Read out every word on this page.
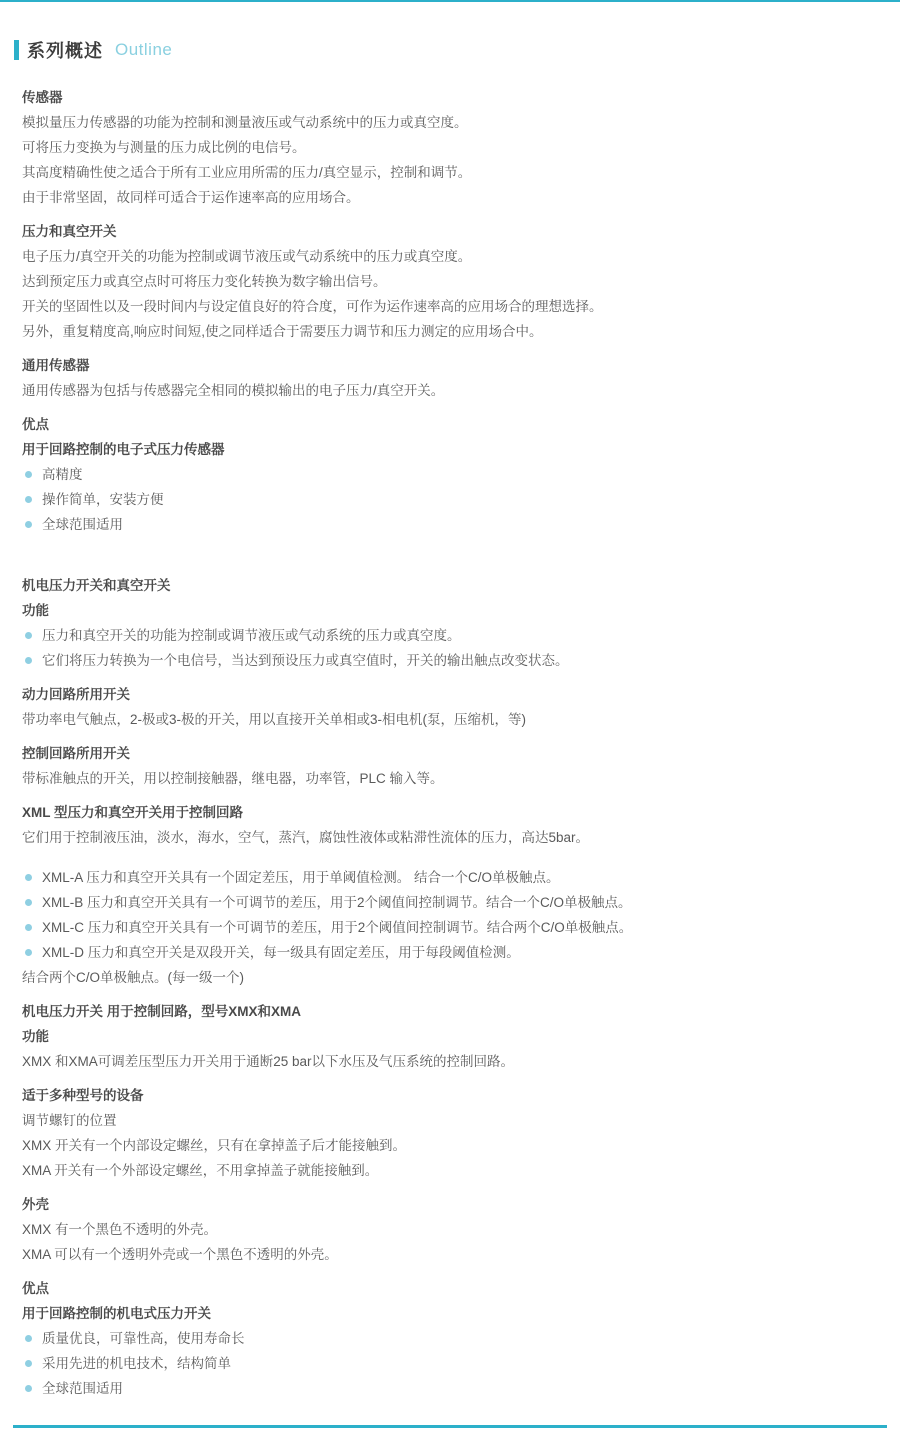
系列概述 Outline
传感器
模拟量压力传感器的功能为控制和测量液压或气动系统中的压力或真空度。
可将压力变换为与测量的压力成比例的电信号。
其高度精确性使之适合于所有工业应用所需的压力/真空显示，控制和调节。
由于非常坚固，故同样可适合于运作速率高的应用场合。
压力和真空开关
电子压力/真空开关的功能为控制或调节液压或气动系统中的压力或真空度。
达到预定压力或真空点时可将压力变化转换为数字输出信号。
开关的坚固性以及一段时间内与设定值良好的符合度，可作为运作速率高的应用场合的理想选择。
另外，重复精度高,响应时间短,使之同样适合于需要压力调节和压力测定的应用场合中。
通用传感器
通用传感器为包括与传感器完全相同的模拟输出的电子压力/真空开关。
优点
用于回路控制的电子式压力传感器
高精度
操作简单，安装方便
全球范围适用
机电压力开关和真空开关
功能
压力和真空开关的功能为控制或调节液压或气动系统的压力或真空度。
它们将压力转换为一个电信号，当达到预设压力或真空值时，开关的输出触点改变状态。
动力回路所用开关
带功率电气触点，2-极或3-极的开关，用以直接开关单相或3-相电机(泵，压缩机，等)
控制回路所用开关
带标准触点的开关，用以控制接触器，继电器，功率管，PLC 输入等。
XML 型压力和真空开关用于控制回路
它们用于控制液压油，淡水，海水，空气，蒸汽，腐蚀性液体或粘滞性流体的压力，高达5bar。
XML-A 压力和真空开关具有一个固定差压，用于单阈值检测。 结合一个C/O单极触点。
XML-B 压力和真空开关具有一个可调节的差压，用于2个阈值间控制调节。结合一个C/O单极触点。
XML-C 压力和真空开关具有一个可调节的差压，用于2个阈值间控制调节。结合两个C/O单极触点。
XML-D 压力和真空开关是双段开关，每一级具有固定差压，用于每段阈值检测。
结合两个C/O单极触点。(每一级一个)
机电压力开关 用于控制回路，型号XMX和XMA
功能
XMX 和XMA可调差压型压力开关用于通断25 bar以下水压及气压系统的控制回路。
适于多种型号的设备
调节螺钉的位置
XMX 开关有一个内部设定螺丝，只有在拿掉盖子后才能接触到。
XMA 开关有一个外部设定螺丝，不用拿掉盖子就能接触到。
外壳
XMX 有一个黑色不透明的外壳。
XMA 可以有一个透明外壳或一个黑色不透明的外壳。
优点
用于回路控制的机电式压力开关
质量优良，可靠性高，使用寿命长
采用先进的机电技术，结构简单
全球范围适用
